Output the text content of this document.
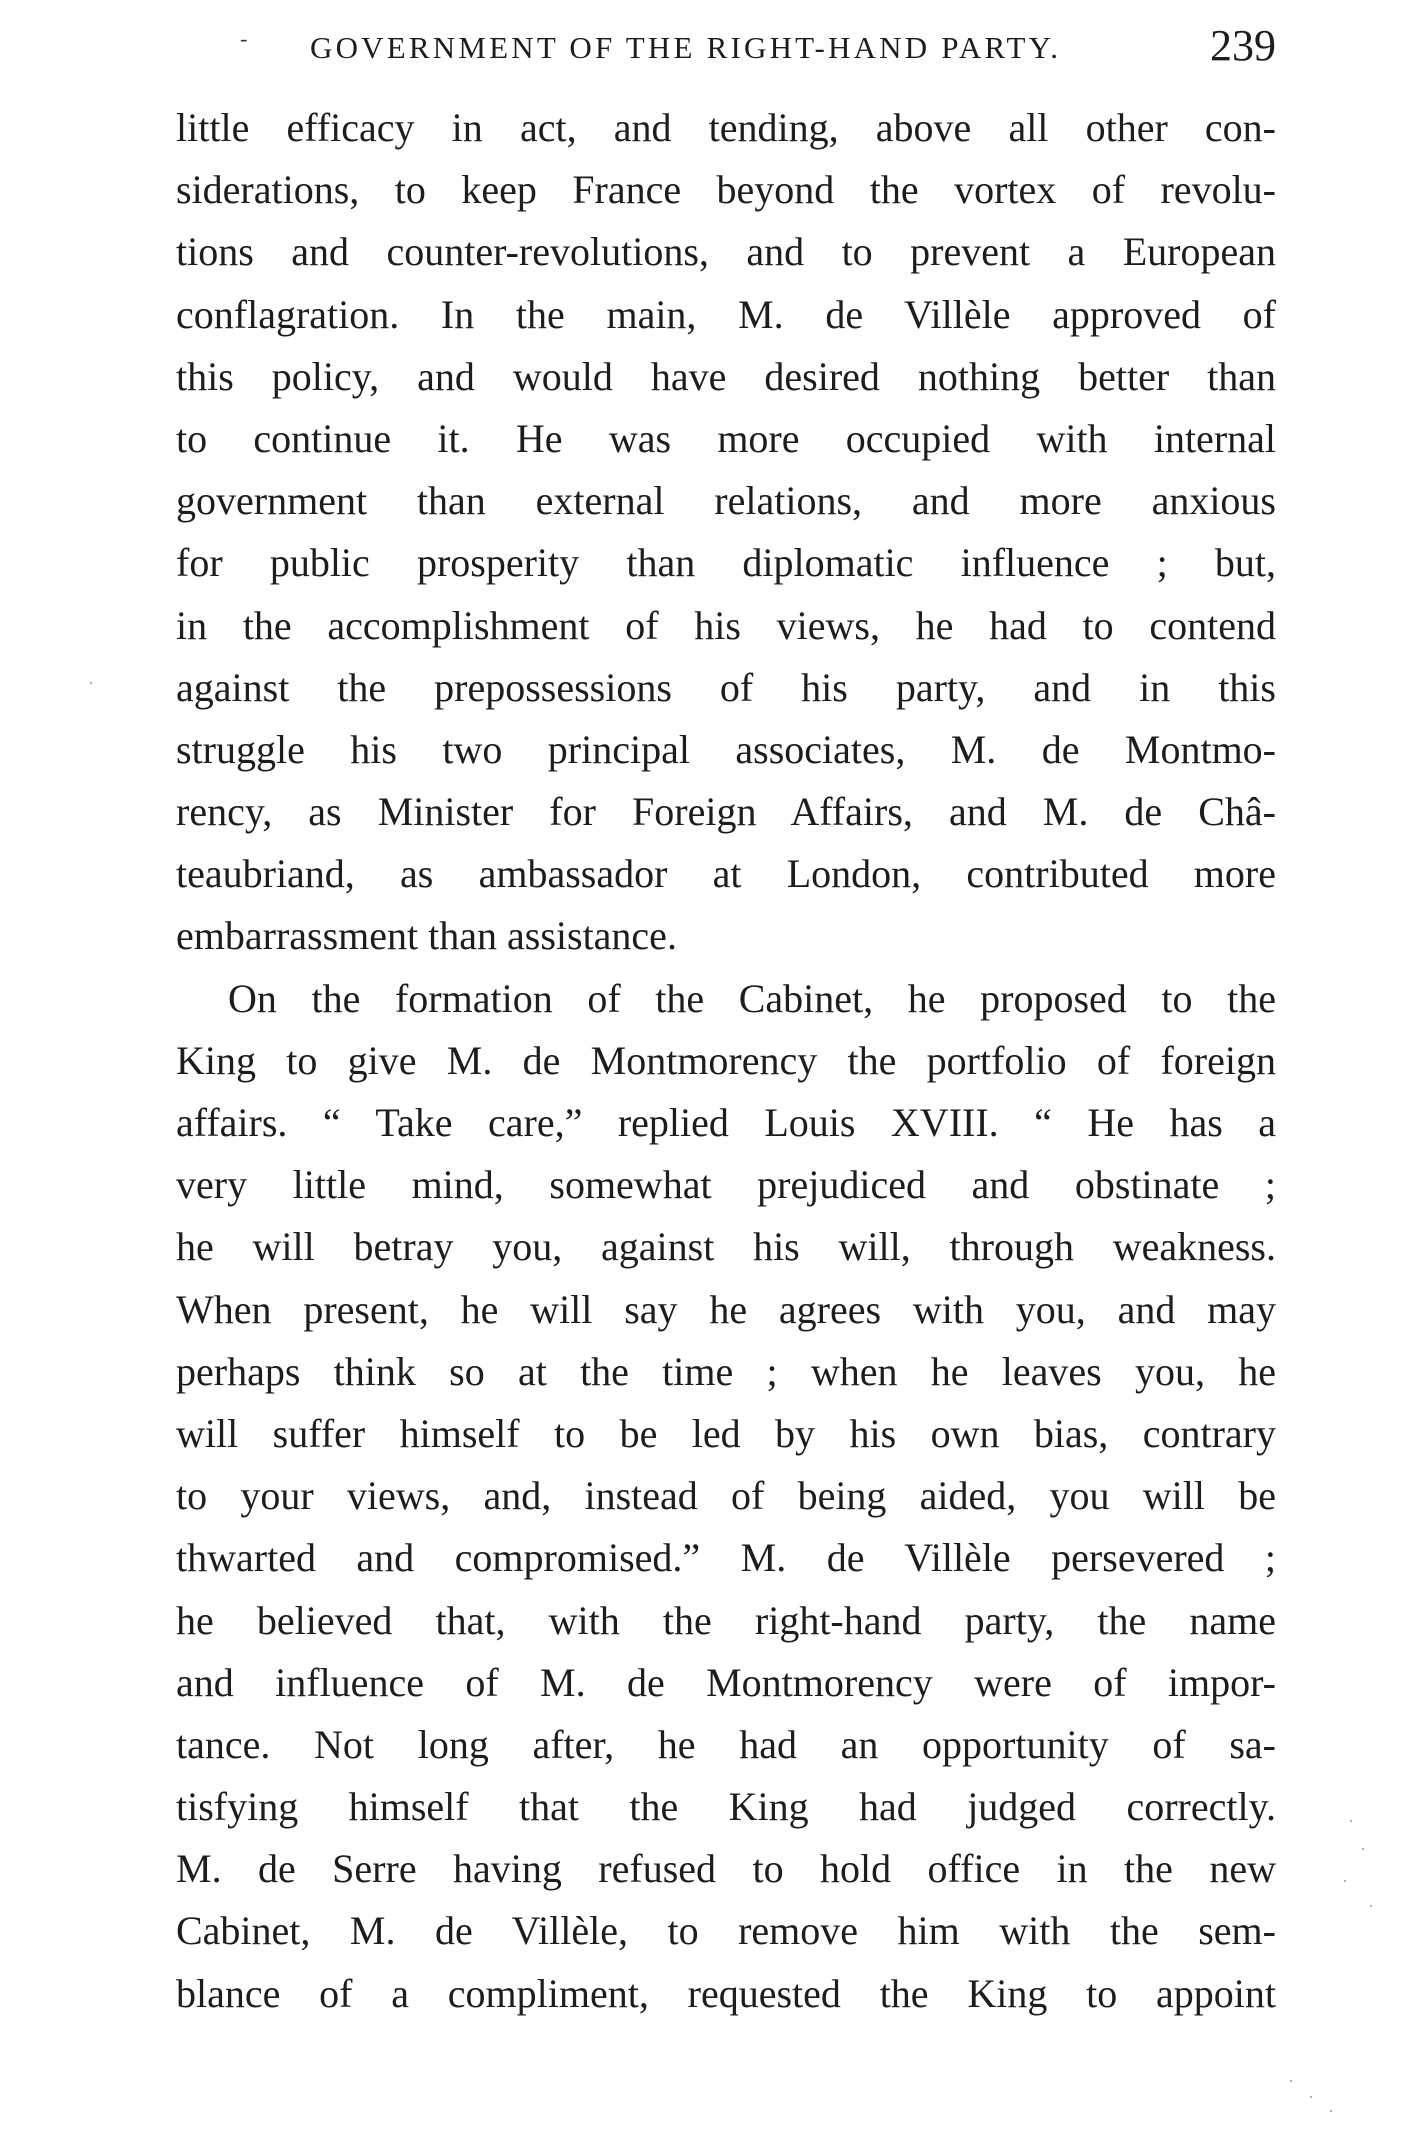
- GOVERNMENT OF THE RIGHT-HAND PARTY.	239
little efficacy in act, and tending, above all other con-
siderations, to keep France beyond the vortex of revolu-
tions and counter-revolutions, and to prevent a European
conflagration. In the main, M. de Villèle approved of
this policy, and would have desired nothing better than
to continue it. He was more occupied with internal
government than external relations, and more anxious
for public prosperity than diplomatic influence ; but,
in the accomplishment of his views, he had to contend
against the prepossessions of his party, and in this
struggle his two principal associates, M. de Montmo-
rency, as Minister for Foreign Affairs, and M. de Châ-
teaubriand, as ambassador at London, contributed more
embarrassment than assistance.
On the formation of the Cabinet, he proposed to the
King to give M. de Montmorency the portfolio of foreign
affairs. “ Take care,” replied Louis XVIII. “ He has a
very little mind, somewhat prejudiced and obstinate ;
he will betray you, against his will, through weakness.
When present, he will say he agrees with you, and may
perhaps think so at the time ; when he leaves you, he
will suffer himself to be led by his own bias, contrary
to your views, and, instead of being aided, you will be
thwarted and compromised.” M. de Villèle persevered ;
he believed that, with the right-hand party, the name
and influence of M. de Montmorency were of impor-
tance. Not long after, he had an opportunity of sa-
tisfying himself that the King had judged correctly.
M. de Serre having refused to hold office in the new
Cabinet, M. de Villèle, to remove him with the sem-
blance of a compliment, requested the King to appoint
